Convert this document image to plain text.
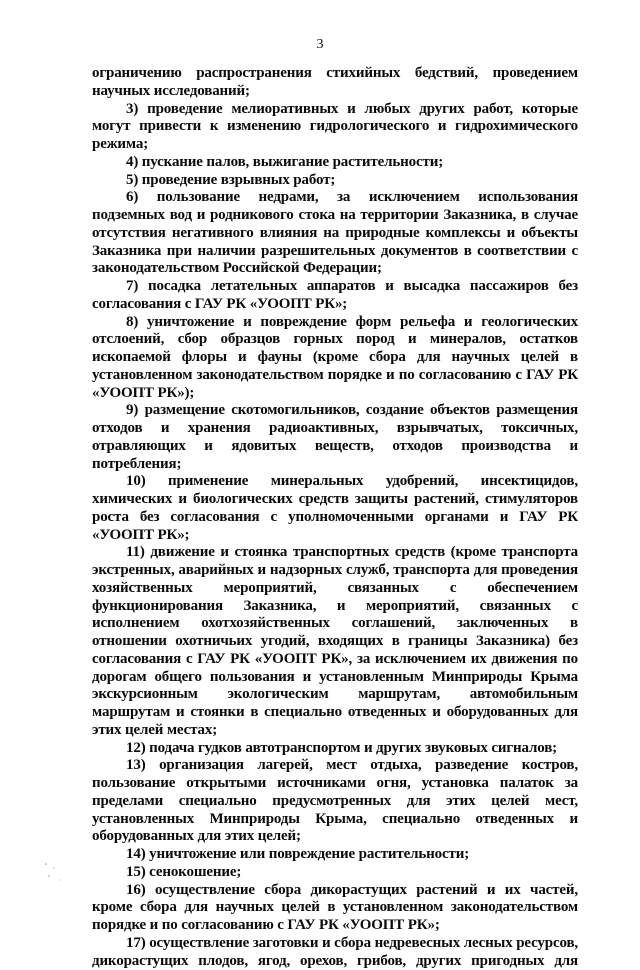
3

ограничению распространения стихийных бедствий, проведением научных исследований;

3) проведение мелиоративных и любых других работ, которые могут привести к изменению гидрологического и гидрохимического режима;

4) пускание палов, выжигание растительности;

5) проведение взрывных работ;

6) пользование недрами, за исключением использования подземных вод и родникового стока на территории Заказника, в случае отсутствия негативного влияния на природные комплексы и объекты Заказника при наличии разрешительных документов в соответствии с законодательством Российской Федерации;

7) посадка летательных аппаратов и высадка пассажиров без согласования с ГАУ РК «УООПТ РК»;

8) уничтожение и повреждение форм рельефа и геологических отслоений, сбор образцов горных пород и минералов, остатков ископаемой флоры и фауны (кроме сбора для научных целей в установленном законодательством порядке и по согласованию с ГАУ РК «УООПТ РК»);

9) размещение скотомогильников, создание объектов размещения отходов и хранения радиоактивных, взрывчатых, токсичных, отравляющих и ядовитых веществ, отходов производства и потребления;

10) применение минеральных удобрений, инсектицидов, химических и биологических средств защиты растений, стимуляторов роста без согласования с уполномоченными органами и ГАУ РК «УООПТ РК»;

11) движение и стоянка транспортных средств (кроме транспорта экстренных, аварийных и надзорных служб, транспорта для проведения хозяйственных мероприятий, связанных с обеспечением функционирования Заказника, и мероприятий, связанных с исполнением охотхозяйственных соглашений, заключенных в отношении охотничьих угодий, входящих в границы Заказника) без согласования с ГАУ РК «УООПТ РК», за исключением их движения по дорогам общего пользования и установленным Минприроды Крыма экскурсионным экологическим маршрутам, автомобильным маршрутам и стоянки в специально отведенных и оборудованных для этих целей местах;

12) подача гудков автотранспортом и других звуковых сигналов;

13) организация лагерей, мест отдыха, разведение костров, пользование открытыми источниками огня, установка палаток за пределами специально предусмотренных для этих целей мест, установленных Минприроды Крыма, специально отведенных и оборудованных для этих целей;

14) уничтожение или повреждение растительности;

15) сенокошение;

16) осуществление сбора дикорастущих растений и их частей, кроме сбора для научных целей в установленном законодательством порядке и по согласованию с ГАУ РК «УООПТ РК»;

17) осуществление заготовки и сбора недревесных лесных ресурсов, дикорастущих плодов, ягод, орехов, грибов, других пригодных для
